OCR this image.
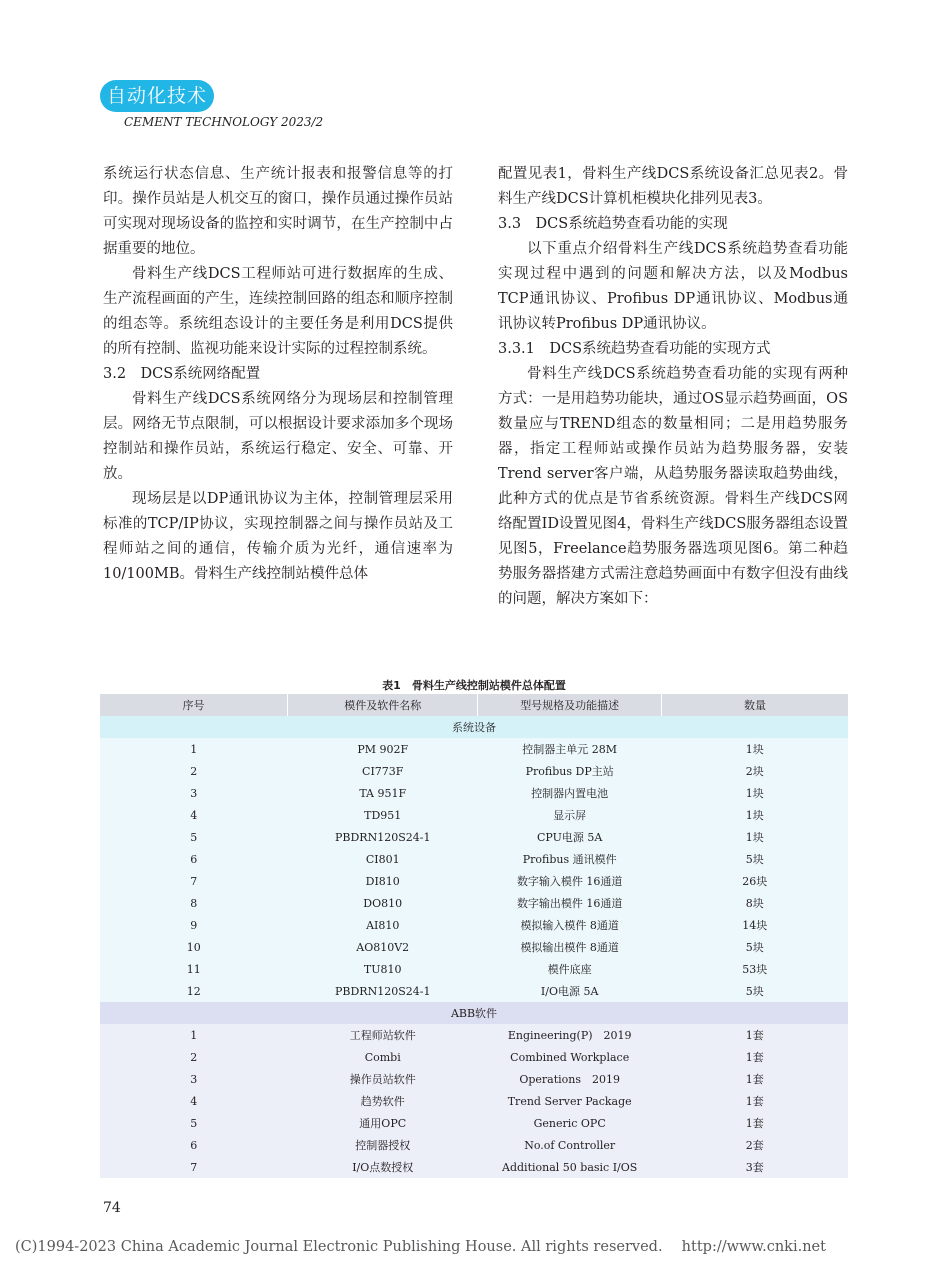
自动化技术
CEMENT TECHNOLOGY 2023/2

系统运行状态信息、生产统计报表和报警信息等的打印。操作员站是人机交互的窗口，操作员通过操作员站可实现对现场设备的监控和实时调节，在生产控制中占据重要的地位。

骨料生产线DCS工程师站可进行数据库的生成、生产流程画面的产生，连续控制回路的组态和顺序控制的组态等。系统组态设计的主要任务是利用DCS提供的所有控制、监视功能来设计实际的过程控制系统。

3.2　DCS系统网络配置

骨料生产线DCS系统网络分为现场层和控制管理层。网络无节点限制，可以根据设计要求添加多个现场控制站和操作员站，系统运行稳定、安全、可靠、开放。

现场层是以DP通讯协议为主体，控制管理层采用标准的TCP/IP协议，实现控制器之间与操作员站及工程师站之间的通信，传输介质为光纤，通信速率为10/100MB。骨料生产线控制站模件总体

配置见表1，骨料生产线DCS系统设备汇总见表2。骨料生产线DCS计算机柜模块化排列见表3。

3.3　DCS系统趋势查看功能的实现

以下重点介绍骨料生产线DCS系统趋势查看功能实现过程中遇到的问题和解决方法，以及Modbus TCP通讯协议、Profibus DP通讯协议、Modbus通讯协议转Profibus DP通讯协议。

3.3.1　DCS系统趋势查看功能的实现方式

骨料生产线DCS系统趋势查看功能的实现有两种方式：一是用趋势功能块，通过OS显示趋势画面，OS数量应与TREND组态的数量相同；二是用趋势服务器，指定工程师站或操作员站为趋势服务器，安装Trend server客户端，从趋势服务器读取趋势曲线，此种方式的优点是节省系统资源。骨料生产线DCS网络配置ID设置见图4，骨料生产线DCS服务器组态设置见图5，Freelance趋势服务器选项见图6。第二种趋势服务器搭建方式需注意趋势画面中有数字但没有曲线的问题，解决方案如下：

表1　骨料生产线控制站模件总体配置
序号	模件及软件名称	型号规格及功能描述	数量
系统设备			
1	PM 902F	控制器主单元 28M	1块
2	CI773F	Profibus DP主站	2块
3	TA 951F	控制器内置电池	1块
4	TD951	显示屏	1块
5	PBDRN120S24-1	CPU电源 5A	1块
6	CI801	Profibus 通讯模件	5块
7	DI810	数字输入模件 16通道	26块
8	DO810	数字输出模件 16通道	8块
9	AI810	模拟输入模件 8通道	14块
10	AO810V2	模拟输出模件 8通道	5块
11	TU810	模件底座	53块
12	PBDRN120S24-1	I/O电源 5A	5块
ABB软件			
1	工程师站软件	Engineering(P)　2019	1套
2	Combi	Combined Workplace	1套
3	操作员站软件	Operations　2019	1套
4	趋势软件	Trend Server Package	1套
5	通用OPC	Generic OPC	1套
6	控制器授权	No.of Controller	2套
7	I/O点数授权	Additional 50 basic I/OS	3套
74
(C)1994-2023 China Academic Journal Electronic Publishing House. All rights reserved.　 http://www.cnki.net
